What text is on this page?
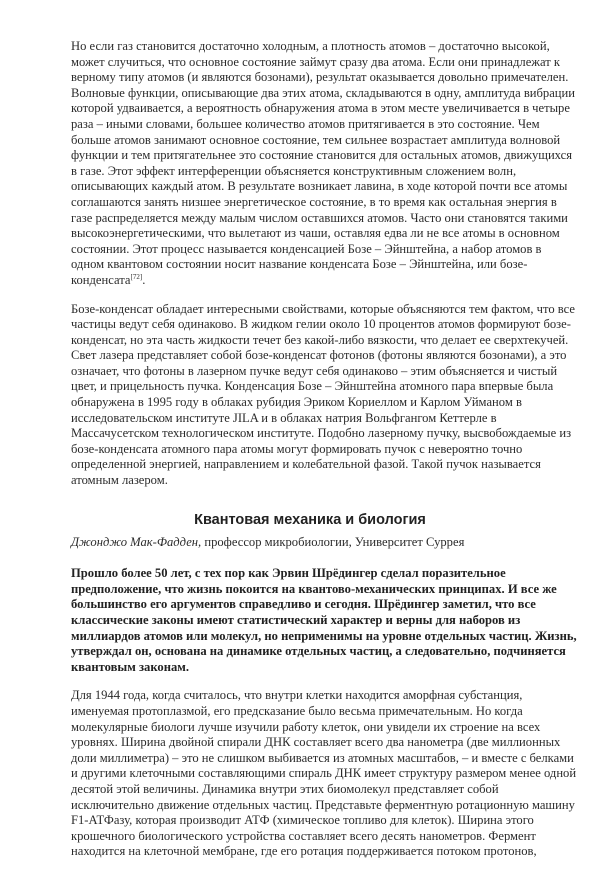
Но если газ становится достаточно холодным, а плотность атомов – достаточно высокой,
может случиться, что основное состояние займут сразу два атома. Если они принадлежат к
верному типу атомов (и являются бозонами), результат оказывается довольно примечателен.
Волновые функции, описывающие два этих атома, складываются в одну, амплитуда вибрации
которой удваивается, а вероятность обнаружения атома в этом месте увеличивается в четыре
раза – иными словами, большее количество атомов притягивается в это состояние. Чем
больше атомов занимают основное состояние, тем сильнее возрастает амплитуда волновой
функции и тем притягательнее это состояние становится для остальных атомов, движущихся
в газе. Этот эффект интерференции объясняется конструктивным сложением волн,
описывающих каждый атом. В результате возникает лавина, в ходе которой почти все атомы
соглашаются занять низшее энергетическое состояние, в то время как остальная энергия в
газе распределяется между малым числом оставшихся атомов. Часто они становятся такими
высокоэнергетическими, что вылетают из чаши, оставляя едва ли не все атомы в основном
состоянии. Этот процесс называется конденсацией Бозе – Эйнштейна, а набор атомов в
одном квантовом состоянии носит название конденсата Бозе – Эйнштейна, или бозе-
конденсата[72].

Бозе-конденсат обладает интересными свойствами, которые объясняются тем фактом, что все
частицы ведут себя одинаково. В жидком гелии около 10 процентов атомов формируют бозе-
конденсат, но эта часть жидкости течет без какой-либо вязкости, что делает ее сверхтекучей.
Свет лазера представляет собой бозе-конденсат фотонов (фотоны являются бозонами), а это
означает, что фотоны в лазерном пучке ведут себя одинаково – этим объясняется и чистый
цвет, и прицельность пучка. Конденсация Бозе – Эйнштейна атомного пара впервые была
обнаружена в 1995 году в облаках рубидия Эриком Кориеллом и Карлом Уйманом в
исследовательском институте JILA и в облаках натрия Вольфгангом Кеттерле в
Массачусетском технологическом институте. Подобно лазерному пучку, высвобождаемые из
бозе-конденсата атомного пара атомы могут формировать пучок с невероятно точно
определенной энергией, направлением и колебательной фазой. Такой пучок называется
атомным лазером.

Квантовая механика и биология

Джонджо Мак-Фадден, профессор микробиологии, Университет Суррея

Прошло более 50 лет, с тех пор как Эрвин Шрёдингер сделал поразительное
предположение, что жизнь покоится на квантово-механических принципах. И все же
большинство его аргументов справедливо и сегодня. Шрёдингер заметил, что все
классические законы имеют статистический характер и верны для наборов из
миллиардов атомов или молекул, но неприменимы на уровне отдельных частиц. Жизнь,
утверждал он, основана на динамике отдельных частиц, а следовательно, подчиняется
квантовым законам.

Для 1944 года, когда считалось, что внутри клетки находится аморфная субстанция,
именуемая протоплазмой, его предсказание было весьма примечательным. Но когда
молекулярные биологи лучше изучили работу клеток, они увидели их строение на всех
уровнях. Ширина двойной спирали ДНК составляет всего два нанометра (две миллионных
доли миллиметра) – это не слишком выбивается из атомных масштабов, – и вместе с белками
и другими клеточными составляющими спираль ДНК имеет структуру размером менее одной
десятой этой величины. Динамика внутри этих биомолекул представляет собой
исключительно движение отдельных частиц. Представьте ферментную ротационную машину
F1-АТФазу, которая производит АТФ (химическое топливо для клеток). Ширина этого
крошечного биологического устройства составляет всего десять нанометров. Фермент
находится на клеточной мембране, где его ротация поддерживается потоком протонов,
